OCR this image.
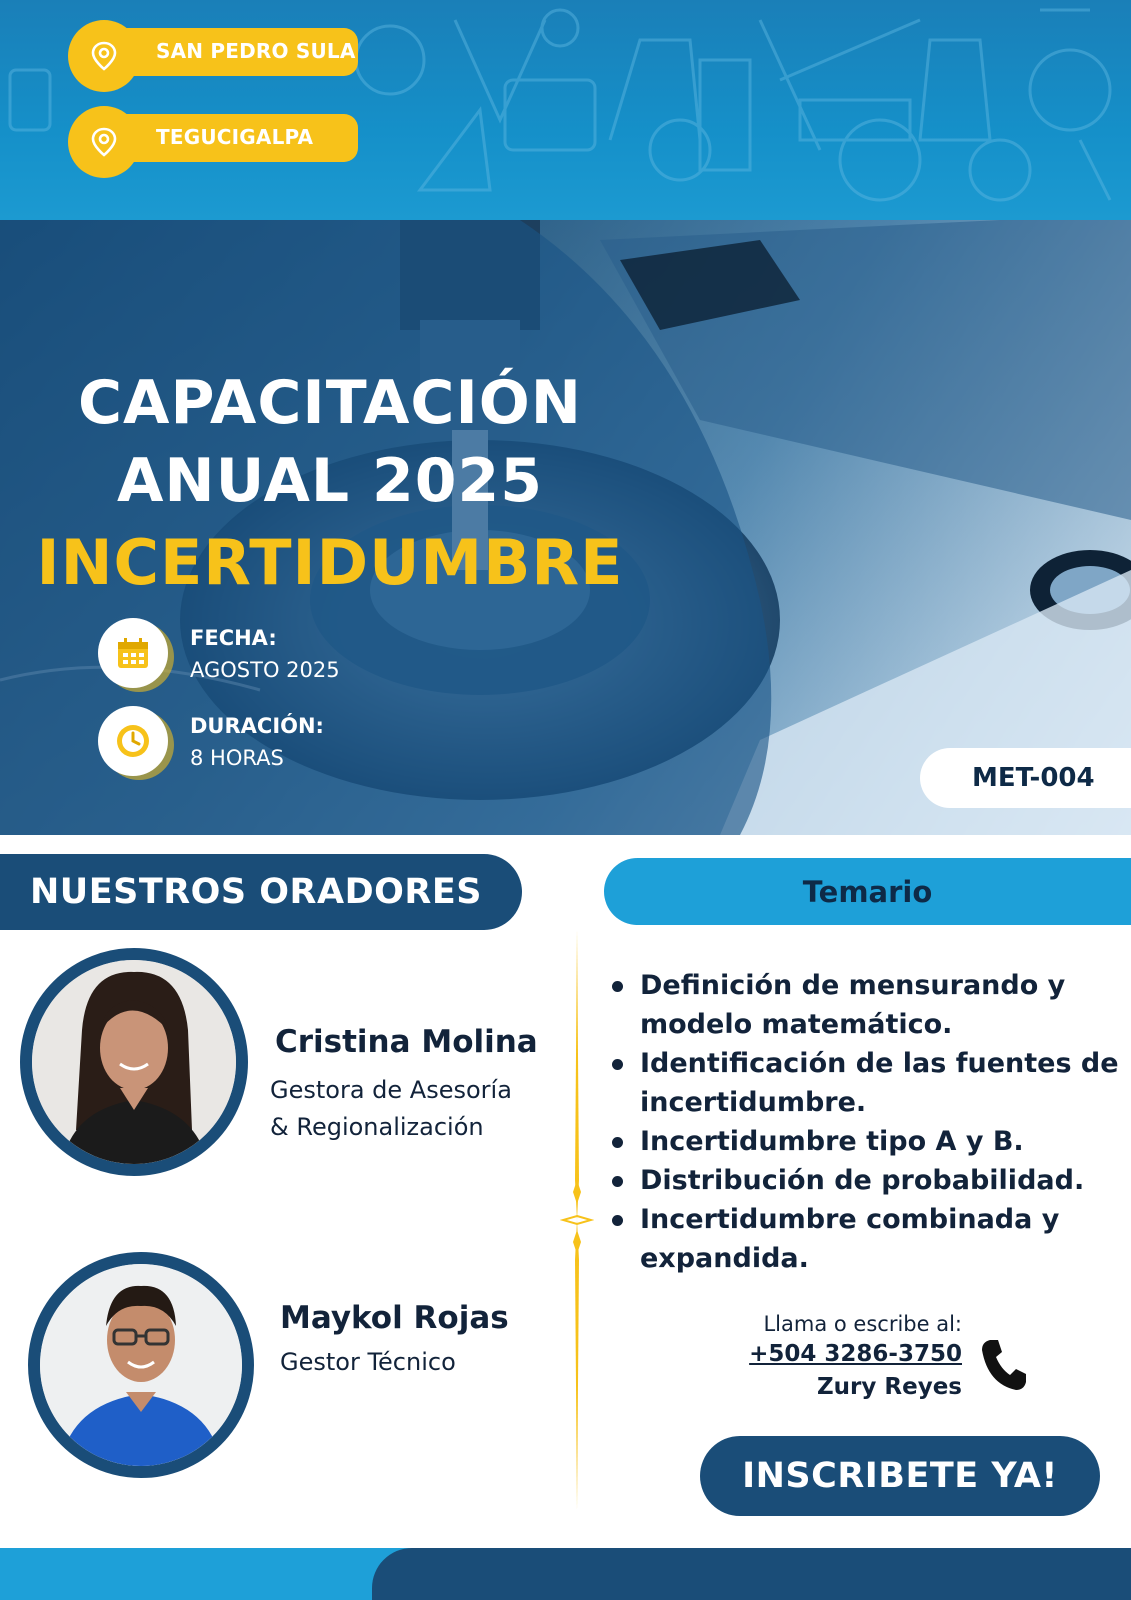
SAN PEDRO SULA
TEGUCIGALPA
CAPACITACIÓN
ANUAL 2025
INCERTIDUMBRE
FECHA:
AGOSTO 2025
DURACIÓN:
8 HORAS
MET-004
NUESTROS ORADORES	Temario
Cristina Molina
Gestora de Asesoría
& Regionalización
Maykol Rojas
Gestor Técnico
Definición de mensurando y modelo matemático.
Identificación de las fuentes de incertidumbre.
Incertidumbre tipo A y B.
Distribución de probabilidad.
Incertidumbre combinada y expandida.
Llama o escribe al:
+504 3286-3750
Zury Reyes
INSCRIBETE YA!
